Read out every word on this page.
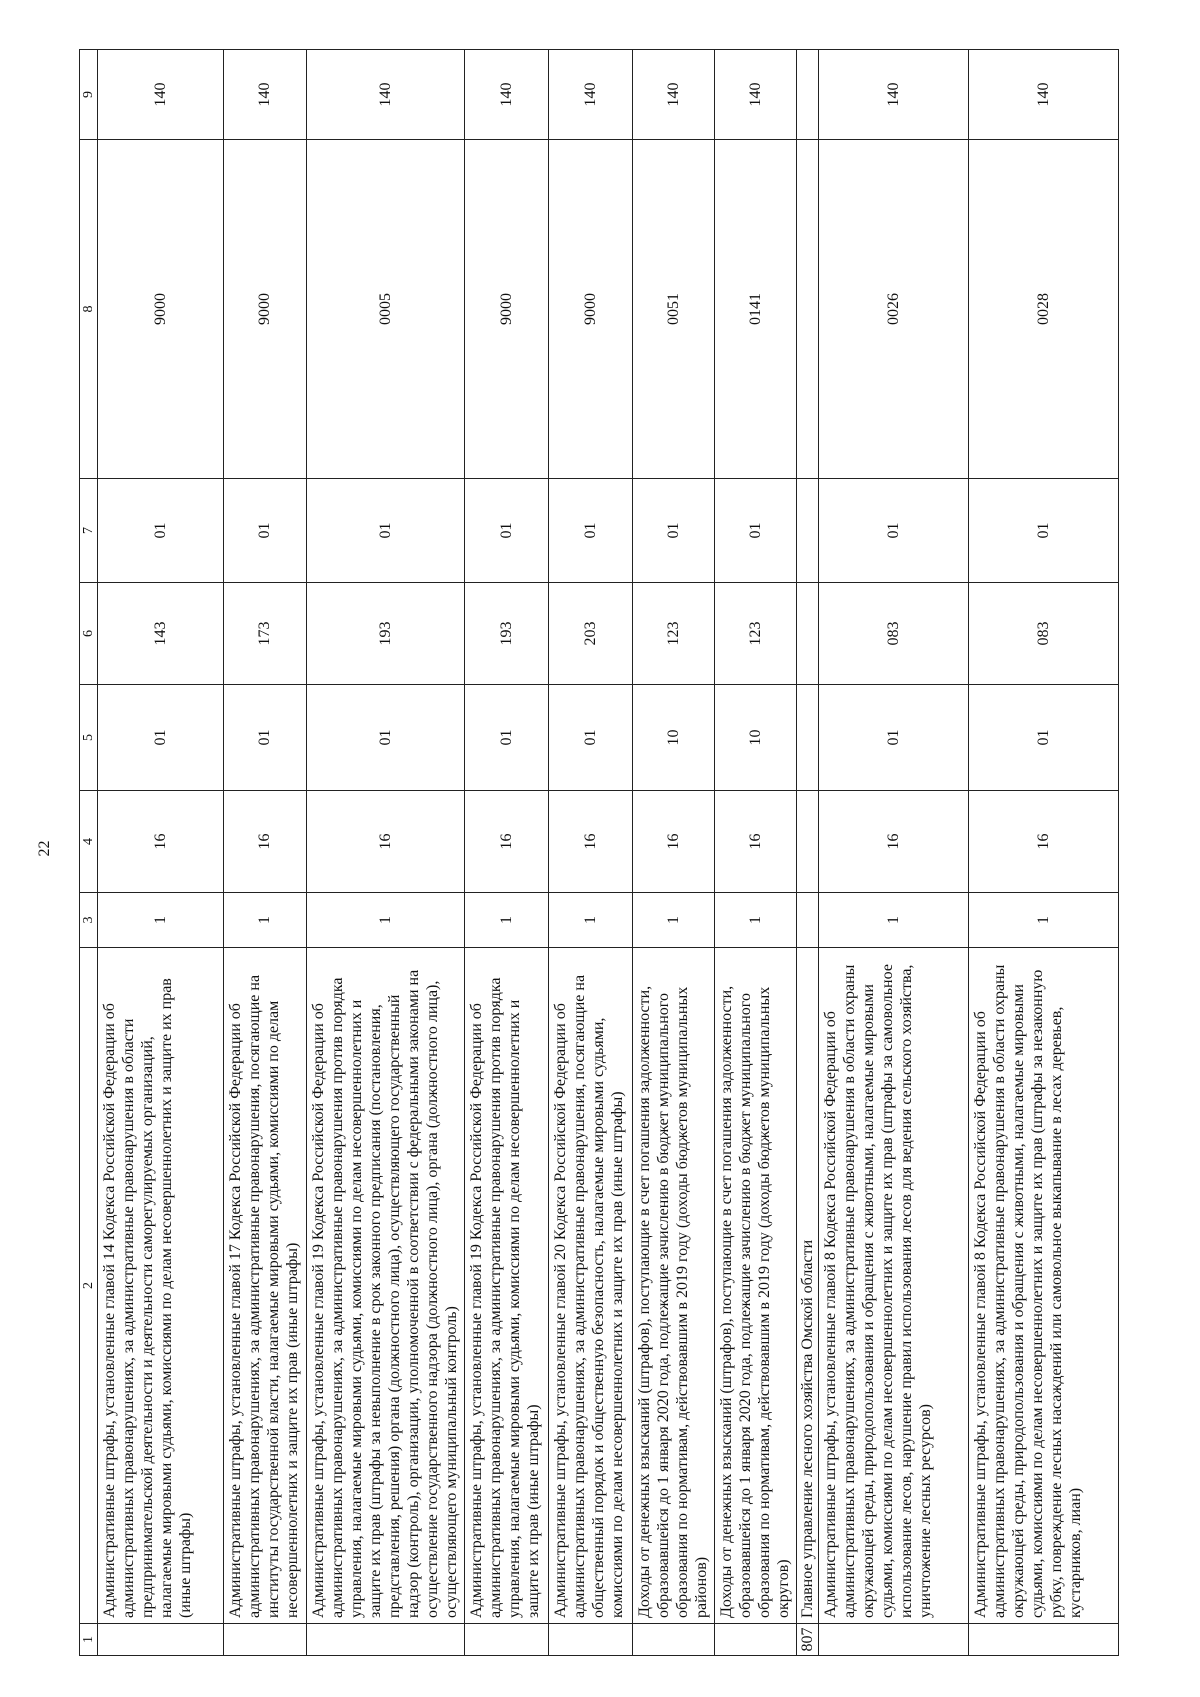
22
1	2	3	4	5	6	7	8	9
	Административные штрафы, установленные главой 14 Кодекса Российской Федерации об административных правонарушениях, за административные правонарушения в области предпринимательской деятельности и деятельности саморегулируемых организаций, налагаемые мировыми судьями, комиссиями по делам несовершеннолетних и защите их прав (иные штрафы)	1	16	01	143	01	9000	140
	Административные штрафы, установленные главой 17 Кодекса Российской Федерации об административных правонарушениях, за административные правонарушения, посягающие на институты государственной власти, налагаемые мировыми судьями, комиссиями по делам несовершеннолетних и защите их прав (иные штрафы)	1	16	01	173	01	9000	140
	Административные штрафы, установленные главой 19 Кодекса Российской Федерации об административных правонарушениях, за административные правонарушения против порядка управления, налагаемые мировыми судьями, комиссиями по делам несовершеннолетних и защите их прав (штрафы за невыполнение в срок законного предписания (постановления, представления, решения) органа (должностного лица), осуществляющего государственный надзор (контроль), организации, уполномоченной в соответствии с федеральными законами на осуществление государственного надзора (должностного лица), органа (должностного лица), осуществляющего муниципальный контроль)	1	16	01	193	01	0005	140
	Административные штрафы, установленные главой 19 Кодекса Российской Федерации об административных правонарушениях, за административные правонарушения против порядка управления, налагаемые мировыми судьями, комиссиями по делам несовершеннолетних и защите их прав (иные штрафы)	1	16	01	193	01	9000	140
	Административные штрафы, установленные главой 20 Кодекса Российской Федерации об административных правонарушениях, за административные правонарушения, посягающие на общественный порядок и общественную безопасность, налагаемые мировыми судьями, комиссиями по делам несовершеннолетних и защите их прав (иные штрафы)	1	16	01	203	01	9000	140
	Доходы от денежных взысканий (штрафов), поступающие в счет погашения задолженности, образовавшейся до 1 января 2020 года, подлежащие зачислению в бюджет муниципального образования по нормативам, действовавшим в 2019 году (доходы бюджетов муниципальных районов)	1	16	10	123	01	0051	140
	Доходы от денежных взысканий (штрафов), поступающие в счет погашения задолженности, образовавшейся до 1 января 2020 года, подлежащие зачислению в бюджет муниципального образования по нормативам, действовавшим в 2019 году (доходы бюджетов муниципальных округов)	1	16	10	123	01	0141	140
807	Главное управление лесного хозяйства Омской области							
	Административные штрафы, установленные главой 8 Кодекса Российской Федерации об административных правонарушениях, за административные правонарушения в области охраны окружающей среды, природопользования и обращения с животными, налагаемые мировыми судьями, комиссиями по делам несовершеннолетних и защите их прав (штрафы за самовольное использование лесов, нарушение правил использования лесов для ведения сельского хозяйства, уничтожение лесных ресурсов)	1	16	01	083	01	0026	140
	Административные штрафы, установленные главой 8 Кодекса Российской Федерации об административных правонарушениях, за административные правонарушения в области охраны окружающей среды, природопользования и обращения с животными, налагаемые мировыми судьями, комиссиями по делам несовершеннолетних и защите их прав (штрафы за незаконную рубку, повреждение лесных насаждений или самовольное выкапывание в лесах деревьев, кустарников, лиан)	1	16	01	083	01	0028	140
